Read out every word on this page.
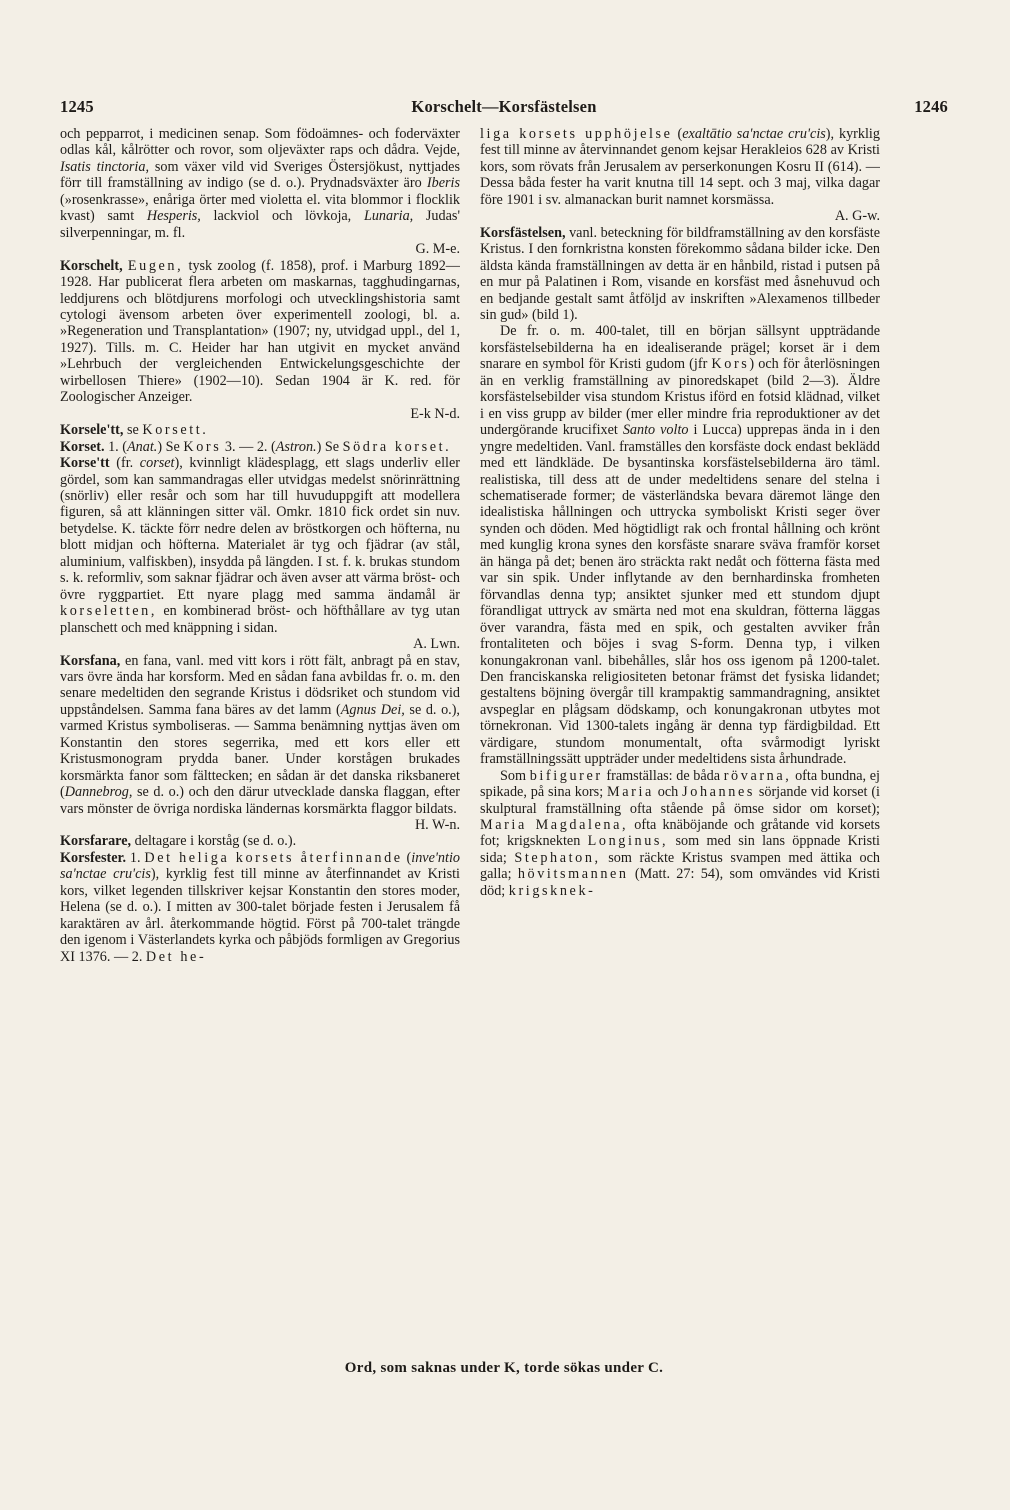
1245	Korschelt—Korsfästelsen	1246

och pepparrot, i medicinen senap. Som födoämnes- och foderväxter odlas kål, kålrötter och rovor, som oljeväxter raps och dådra. Vejde, Isatis tinctoria, som växer vild vid Sveriges Östersjökust, nyttjades förr till framställning av indigo (se d. o.). Prydnadsväxter äro Iberis (»rosenkrasse», enåriga örter med violetta el. vita blommor i flocklik kvast) samt Hesperis, lackviol och lövkoja, Lunaria, Judas' silverpenningar, m. fl.
G. M-e.

Korschelt, Eugen, tysk zoolog (f. 1858), prof. i Marburg 1892—1928. Har publicerat flera arbeten om maskarnas, tagghudingarnas, leddjurens och blötdjurens morfologi och utvecklingshistoria samt cytologi ävensom arbeten över experimentell zoologi, bl. a. »Regeneration und Transplantation» (1907; ny, utvidgad uppl., del 1, 1927). Tills. m. C. Heider har han utgivit en mycket använd »Lehrbuch der vergleichenden Entwickelungsgeschichte der wirbellosen Thiere» (1902—10). Sedan 1904 är K. red. för Zoologischer Anzeiger.
E-k N-d.

Korsele'tt, se Korsett.

Korset. 1. (Anat.) Se Kors 3. — 2. (Astron.) Se Södra korset.

Korse'tt (fr. corset), kvinnligt klädesplagg, ett slags underliv eller gördel, som kan sammandragas eller utvidgas medelst snörinrättning (snörliv) eller resår och som har till huvuduppgift att modellera figuren, så att klänningen sitter väl. Omkr. 1810 fick ordet sin nuv. betydelse. K. täckte förr nedre delen av bröstkorgen och höfterna, nu blott midjan och höfterna. Materialet är tyg och fjädrar (av stål, aluminium, valfiskben), insydda på längden. I st. f. k. brukas stundom s. k. reformliv, som saknar fjädrar och även avser att värma bröst- och övre ryggpartiet. Ett nyare plagg med samma ändamål är korseletten, en kombinerad bröst- och höfthållare av tyg utan planschett och med knäppning i sidan.
A. Lwn.

Korsfana, en fana, vanl. med vitt kors i rött fält, anbragt på en stav, vars övre ända har korsform. Med en sådan fana avbildas fr. o. m. den senare medeltiden den segrande Kristus i dödsriket och stundom vid uppståndelsen. Samma fana bäres av det lamm (Agnus Dei, se d. o.), varmed Kristus symboliseras. — Samma benämning nyttjas även om Konstantin den stores segerrika, med ett kors eller ett Kristusmonogram prydda baner. Under korstågen brukades korsmärkta fanor som fälttecken; en sådan är det danska riksbaneret (Dannebrog, se d. o.) och den därur utvecklade danska flaggan, efter vars mönster de övriga nordiska ländernas korsmärkta flaggor bildats.
H. W-n.

Korsfarare, deltagare i korståg (se d. o.).

Korsfester. 1. Det heliga korsets återfinnande (inve'ntio sa'nctae cru'cis), kyrklig fest till minne av återfinnandet av Kristi kors, vilket legenden tillskriver kejsar Konstantin den stores moder, Helena (se d. o.). I mitten av 300-talet började festen i Jerusalem få karaktären av årl. återkommande högtid. Först på 700-talet trängde den igenom i Västerlandets kyrka och påbjöds formligen av Gregorius XI 1376. — 2. Det he-

liga korsets upphöjelse (exaltātio sa'nctae cru'cis), kyrklig fest till minne av återvinnandet genom kejsar Herakleios 628 av Kristi kors, som rövats från Jerusalem av perserkonungen Kosru II (614). — Dessa båda fester ha varit knutna till 14 sept. och 3 maj, vilka dagar före 1901 i sv. almanackan burit namnet korsmässa.
A. G-w.

Korsfästelsen, vanl. beteckning för bildframställning av den korsfäste Kristus. I den fornkristna konsten förekommo sådana bilder icke. Den äldsta kända framställningen av detta är en hånbild, ristad i putsen på en mur på Palatinen i Rom, visande en korsfäst med åsnehuvud och en bedjande gestalt samt åtföljd av inskriften »Alexamenos tillbeder sin gud» (bild 1).

De fr. o. m. 400-talet, till en början sällsynt uppträdande korsfästelsebilderna ha en idealiserande prägel; korset är i dem snarare en symbol för Kristi gudom (jfr Kors) och för återlösningen än en verklig framställning av pinoredskapet (bild 2—3). Äldre korsfästelsebilder visa stundom Kristus iförd en fotsid klädnad, vilket i en viss grupp av bilder (mer eller mindre fria reproduktioner av det undergörande krucifixet Santo volto i Lucca) upprepas ända in i den yngre medeltiden. Vanl. framställes den korsfäste dock endast beklädd med ett ländkläde. De bysantinska korsfästelsebilderna äro täml. realistiska, till dess att de under medeltidens senare del stelna i schematiserade former; de västerländska bevara däremot länge den idealistiska hållningen och uttrycka symboliskt Kristi seger över synden och döden. Med högtidligt rak och frontal hållning och krönt med kunglig krona synes den korsfäste snarare sväva framför korset än hänga på det; benen äro sträckta rakt nedåt och fötterna fästa med var sin spik. Under inflytande av den bernhardinska fromheten förvandlas denna typ; ansiktet sjunker med ett stundom djupt förandligat uttryck av smärta ned mot ena skuldran, fötterna läggas över varandra, fästa med en spik, och gestalten avviker från frontaliteten och böjes i svag S-form. Denna typ, i vilken konungakronan vanl. bibehålles, slår hos oss igenom på 1200-talet. Den franciskanska religiositeten betonar främst det fysiska lidandet; gestaltens böjning övergår till krampaktig sammandragning, ansiktet avspeglar en plågsam dödskamp, och konungakronan utbytes mot törnekronan. Vid 1300-talets ingång är denna typ färdigbildad. Ett värdigare, stundom monumentalt, ofta svårmodigt lyriskt framställningssätt uppträder under medeltidens sista århundrade.

Som bifigurer framställas: de båda rövarna, ofta bundna, ej spikade, på sina kors; Maria och Johannes sörjande vid korset (i skulptural framställning ofta stående på ömse sidor om korset); Maria Magdalena, ofta knäböjande och gråtande vid korsets fot; krigsknekten Longinus, som med sin lans öppnade Kristi sida; Stephaton, som räckte Kristus svampen med ättika och galla; hövitsmannen (Matt. 27: 54), som omvändes vid Kristi död; krigsknek-

Ord, som saknas under K, torde sökas under C.
